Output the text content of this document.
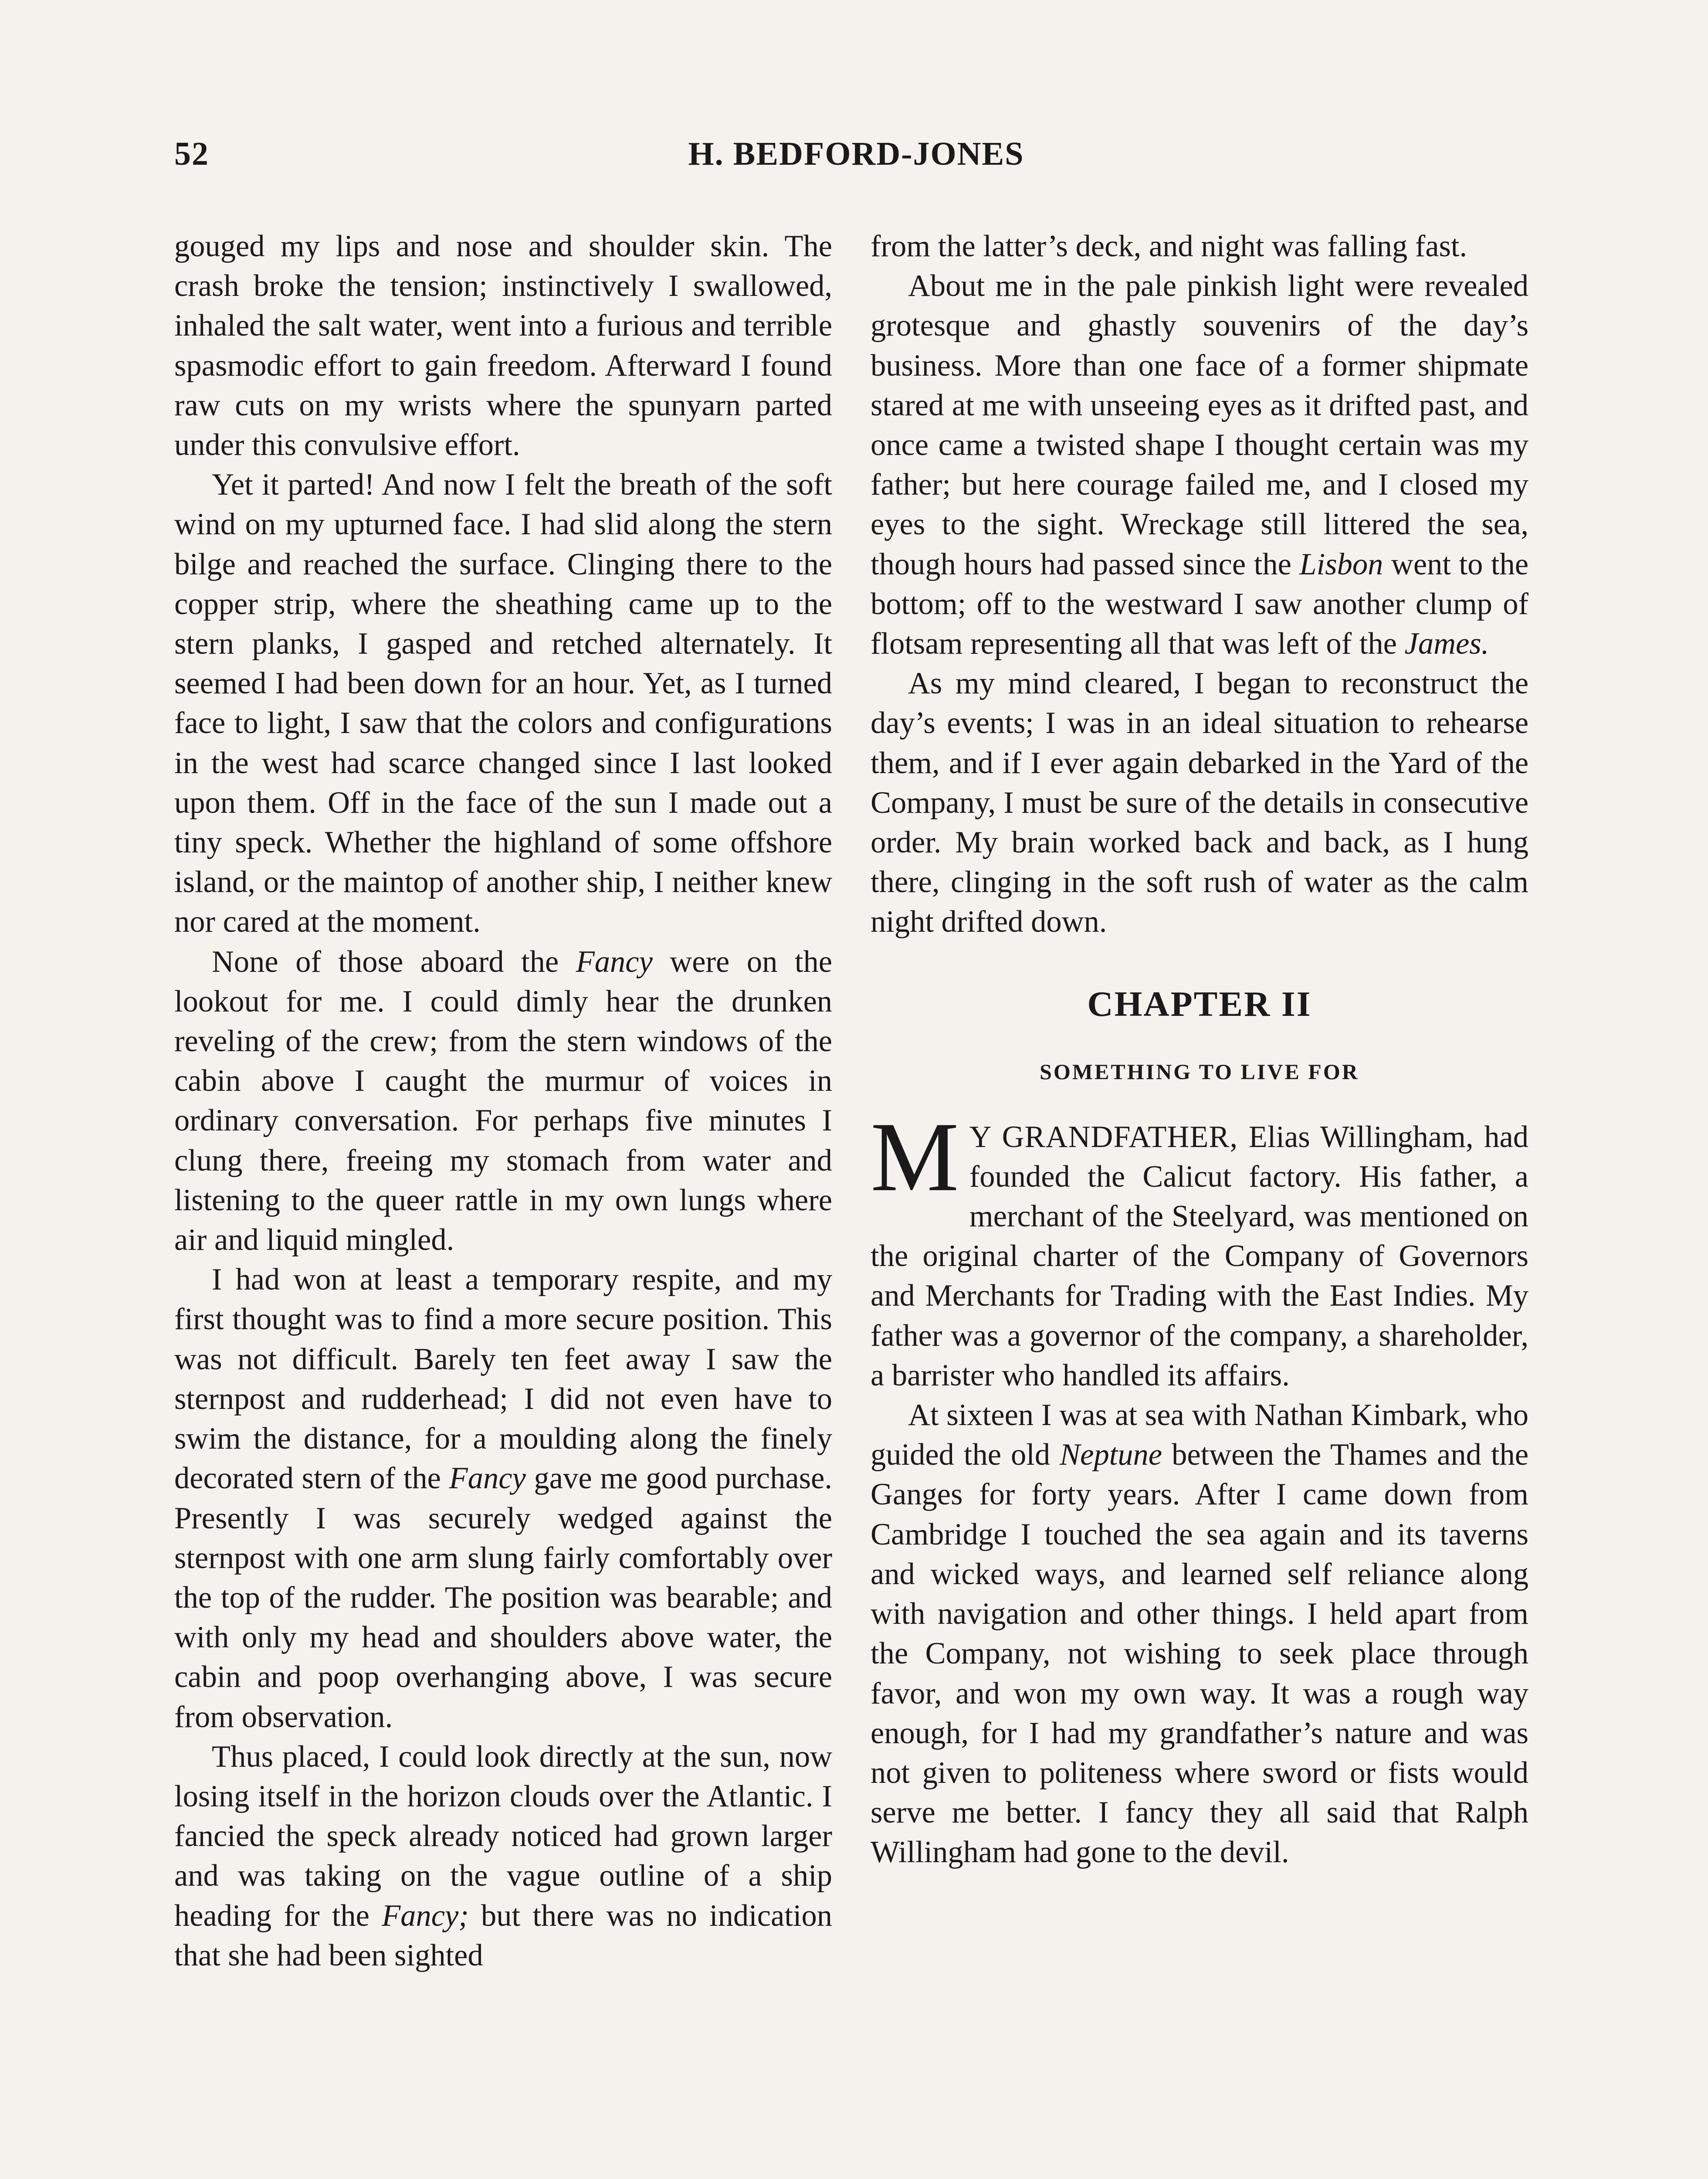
52	H. BEDFORD-JONES

gouged my lips and nose and shoulder skin. The crash broke the tension; instinctively I swallowed, inhaled the salt water, went into a furious and terrible spasmodic effort to gain freedom. Afterward I found raw cuts on my wrists where the spunyarn parted under this convulsive effort.

Yet it parted! And now I felt the breath of the soft wind on my upturned face. I had slid along the stern bilge and reached the surface. Clinging there to the copper strip, where the sheathing came up to the stern planks, I gasped and retched alternately. It seemed I had been down for an hour. Yet, as I turned face to light, I saw that the colors and configurations in the west had scarce changed since I last looked upon them. Off in the face of the sun I made out a tiny speck. Whether the highland of some offshore island, or the maintop of another ship, I neither knew nor cared at the moment.

None of those aboard the Fancy were on the lookout for me. I could dimly hear the drunken reveling of the crew; from the stern windows of the cabin above I caught the murmur of voices in ordinary conversation. For perhaps five minutes I clung there, freeing my stomach from water and listening to the queer rattle in my own lungs where air and liquid mingled.

I had won at least a temporary respite, and my first thought was to find a more secure position. This was not difficult. Barely ten feet away I saw the sternpost and rudderhead; I did not even have to swim the distance, for a moulding along the finely decorated stern of the Fancy gave me good purchase. Presently I was securely wedged against the sternpost with one arm slung fairly comfortably over the top of the rudder. The position was bearable; and with only my head and shoulders above water, the cabin and poop overhanging above, I was secure from observation.

Thus placed, I could look directly at the sun, now losing itself in the horizon clouds over the Atlantic. I fancied the speck already noticed had grown larger and was taking on the vague outline of a ship heading for the Fancy; but there was no indication that she had been sighted

from the latter’s deck, and night was falling fast.

About me in the pale pinkish light were revealed grotesque and ghastly souvenirs of the day’s business. More than one face of a former shipmate stared at me with unseeing eyes as it drifted past, and once came a twisted shape I thought certain was my father; but here courage failed me, and I closed my eyes to the sight. Wreckage still littered the sea, though hours had passed since the Lisbon went to the bottom; off to the westward I saw another clump of flotsam representing all that was left of the James.

As my mind cleared, I began to reconstruct the day’s events; I was in an ideal situation to rehearse them, and if I ever again debarked in the Yard of the Company, I must be sure of the details in consecutive order. My brain worked back and back, as I hung there, clinging in the soft rush of water as the calm night drifted down.

CHAPTER II
SOMETHING TO LIVE FOR

M Y GRANDFATHER, Elias Willingham, had founded the Calicut factory. His father, a merchant of the Steelyard, was mentioned on the original charter of the Company of Governors and Merchants for Trading with the East Indies. My father was a governor of the company, a shareholder, a barrister who handled its affairs.

At sixteen I was at sea with Nathan Kimbark, who guided the old Neptune between the Thames and the Ganges for forty years. After I came down from Cambridge I touched the sea again and its taverns and wicked ways, and learned self reliance along with navigation and other things. I held apart from the Company, not wishing to seek place through favor, and won my own way. It was a rough way enough, for I had my grandfather’s nature and was not given to politeness where sword or fists would serve me better. I fancy they all said that Ralph Willingham had gone to the devil.
